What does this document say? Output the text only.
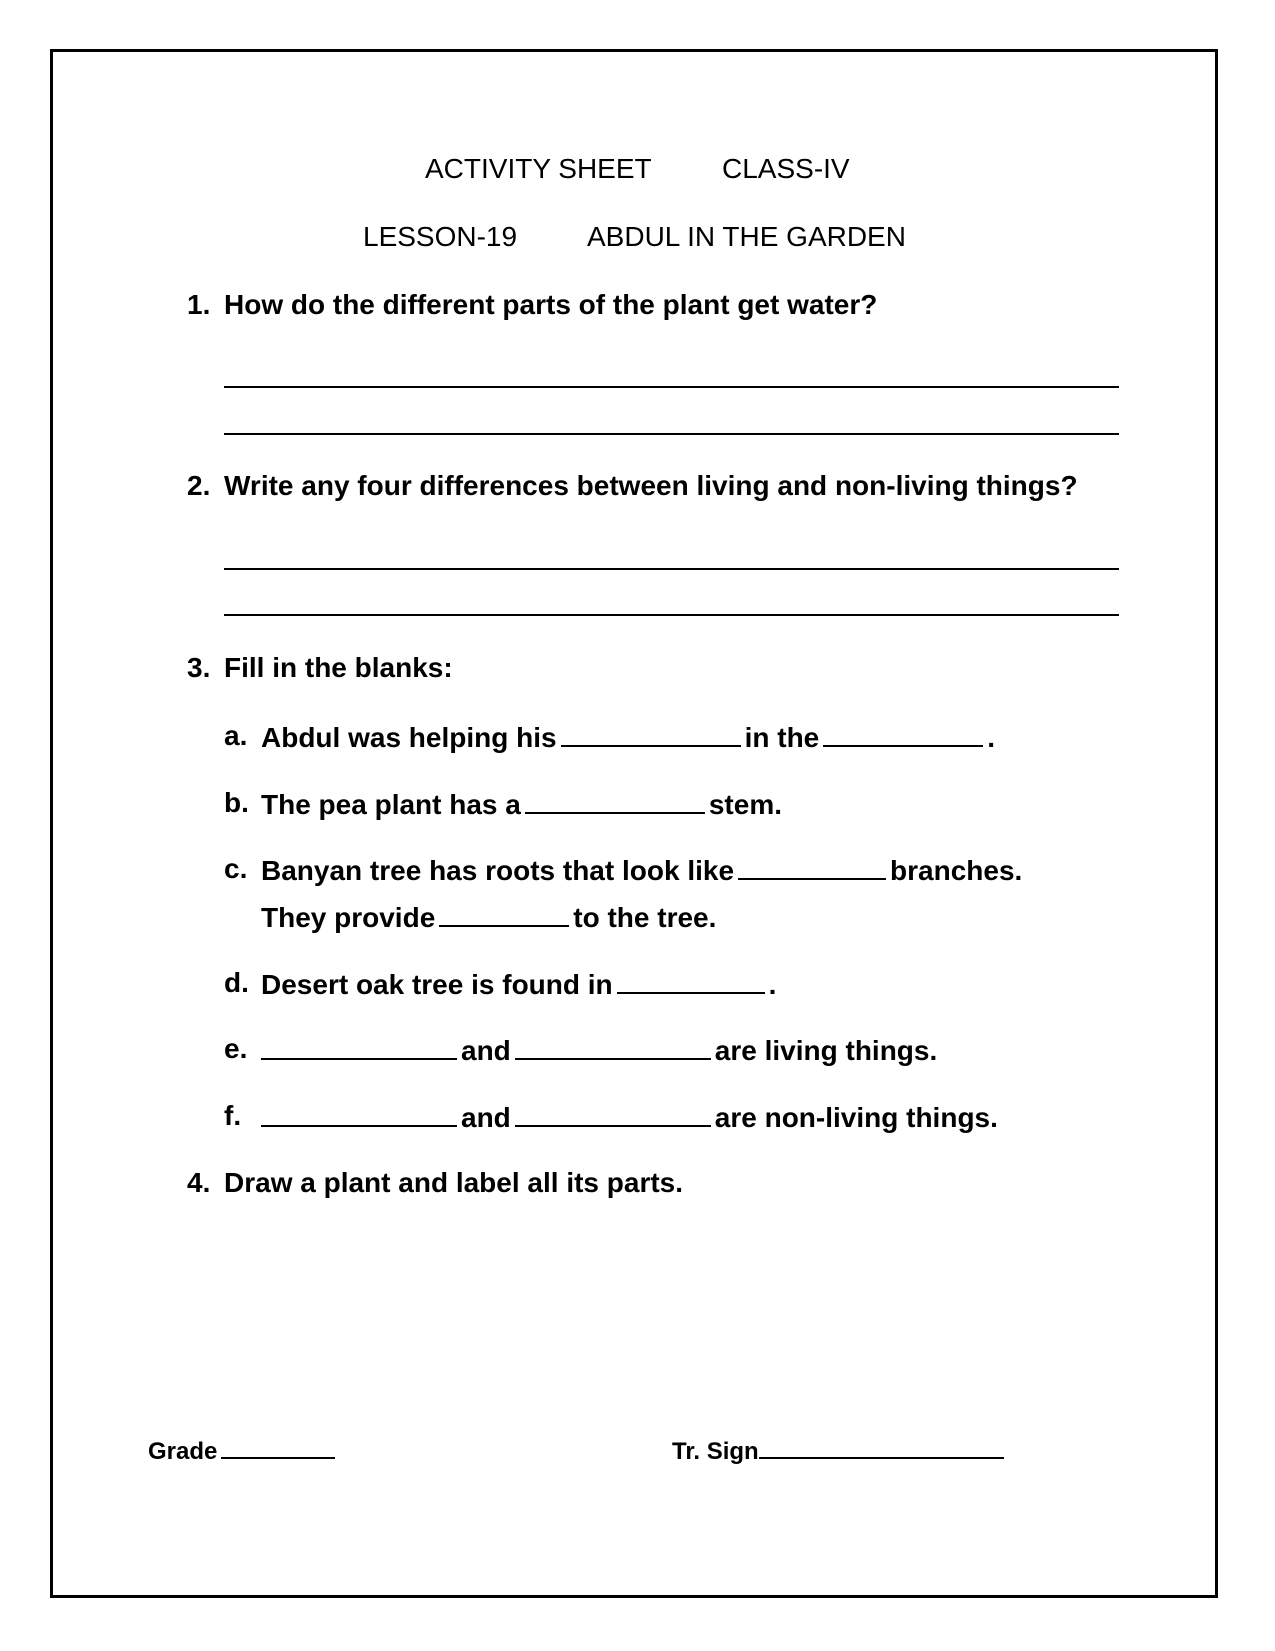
ACTIVITY SHEET	CLASS-IV
LESSON-19 ABDUL IN THE GARDEN
1. How do the different parts of the plant get water?
2. Write any four differences between living and non-living things?
3. Fill in the blanks:
a. Abdul was helping his	in the	.
b. The pea plant has a	stem.
c. Banyan tree has roots that look like	branches.
They provide	to the tree.
d. Desert oak tree is found in	.
e.	and	are living things.
f.	and	are non-living things.
4. Draw a plant and label all its parts.
Grade	Tr. Sign
